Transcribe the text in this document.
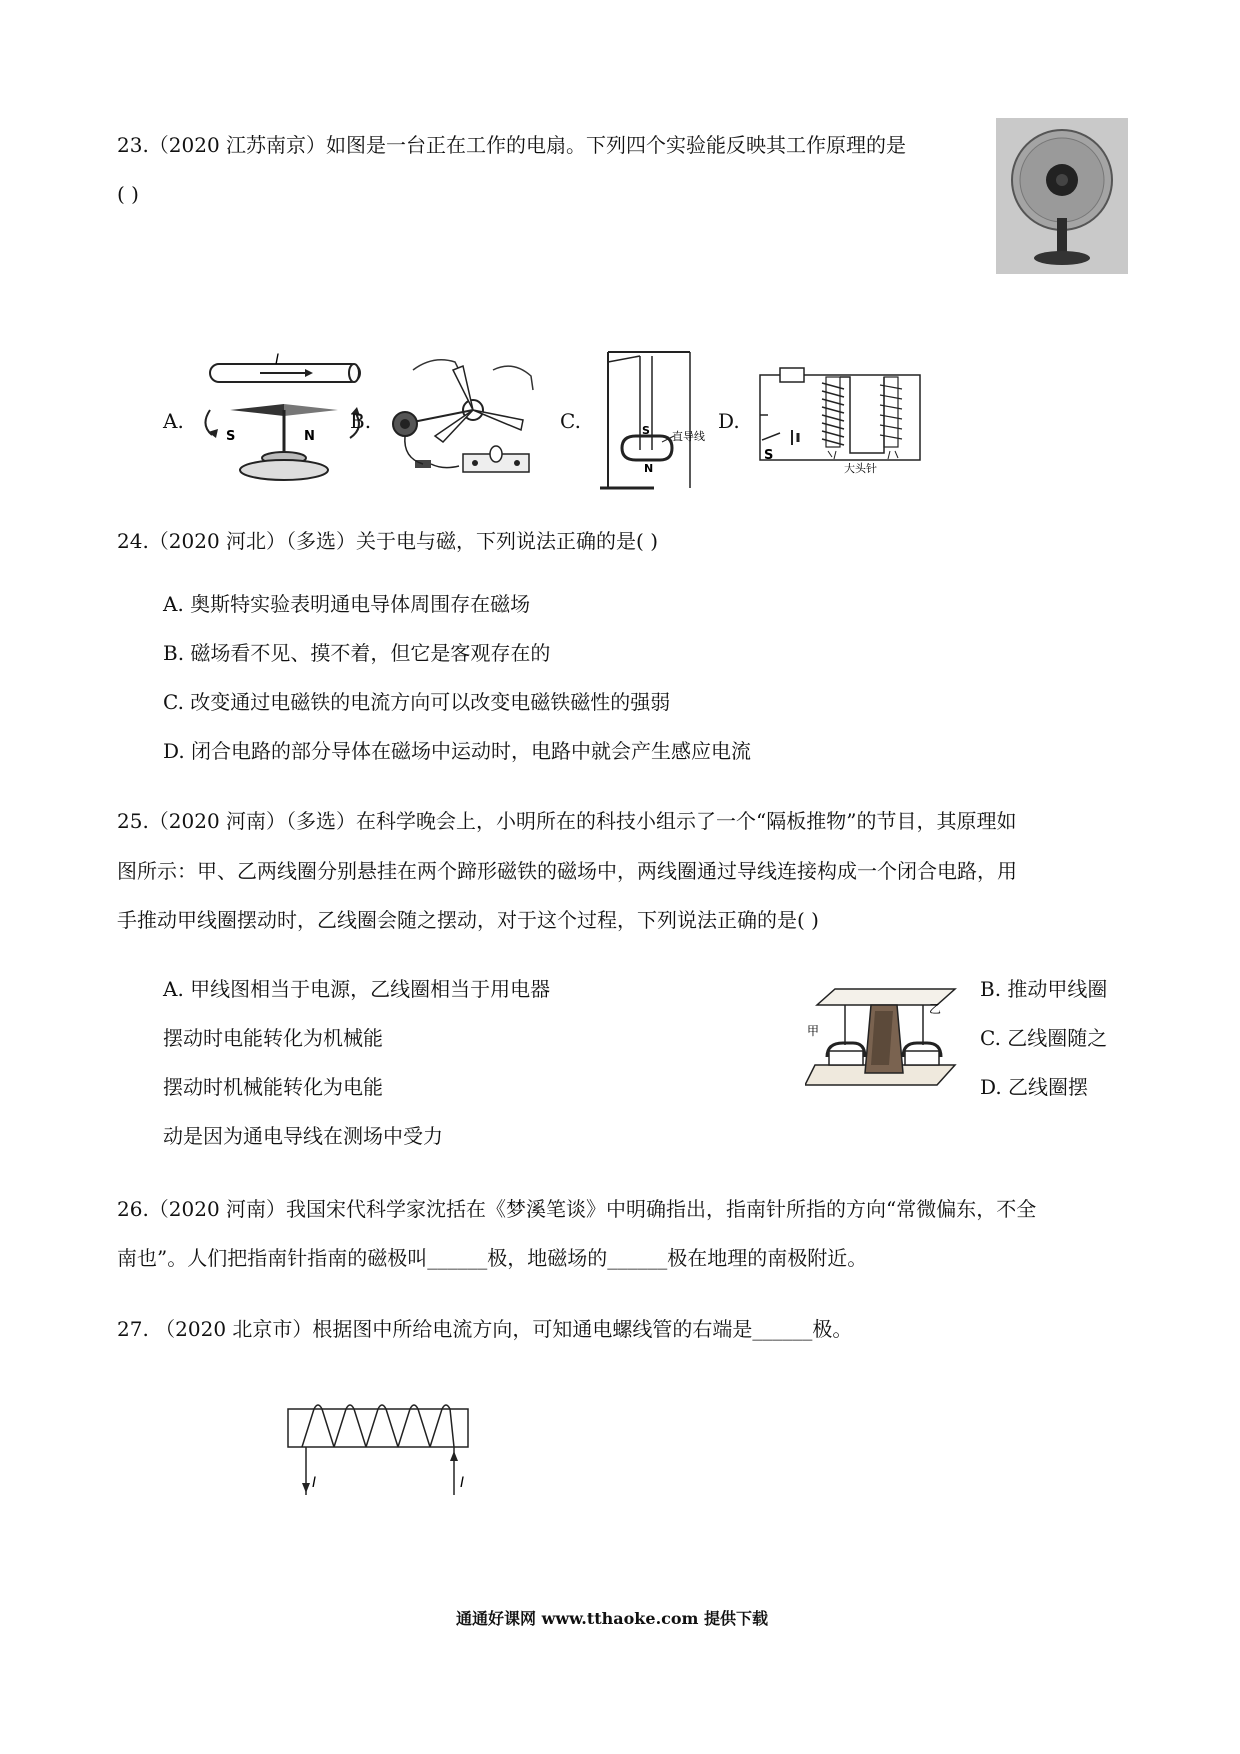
23.（2020 江苏南京）如图是一台正在工作的电扇。下列四个实验能反映其工作原理的是
( )
A.
I
S	N
B.	C.	S
N
直导线
D.
S
大头针
24.（2020 河北）（多选）关于电与磁，下列说法正确的是( )
A. 奥斯特实验表明通电导体周围存在磁场
B. 磁场看不见、摸不着，但它是客观存在的
C. 改变通过电磁铁的电流方向可以改变电磁铁磁性的强弱
D. 闭合电路的部分导体在磁场中运动时，电路中就会产生感应电流
25.（2020 河南）（多选）在科学晚会上，小明所在的科技小组示了一个“隔板推物”的节目，其原理如
图所示：甲、乙两线圈分别悬挂在两个蹄形磁铁的磁场中，两线圈通过导线连接构成一个闭合电路，用
手推动甲线圈摆动时，乙线圈会随之摆动，对于这个过程，下列说法正确的是( )
A. 甲线图相当于电源，乙线圈相当于用电器
摆动时电能转化为机械能
摆动时机械能转化为电能
动是因为通电导线在测场中受力
B. 推动甲线圈
C. 乙线圈随之
D. 乙线圈摆
甲
乙
26.（2020 河南）我国宋代科学家沈括在《梦溪笔谈》中明确指出，指南针所指的方向“常微偏东，不全
南也”。人们把指南针指南的磁极叫______极，地磁场的______极在地理的南极附近。
27. （2020 北京市）根据图中所给电流方向，可知通电螺线管的右端是______极。
I	I
通通好课网 www.tthaoke.com 提供下载
